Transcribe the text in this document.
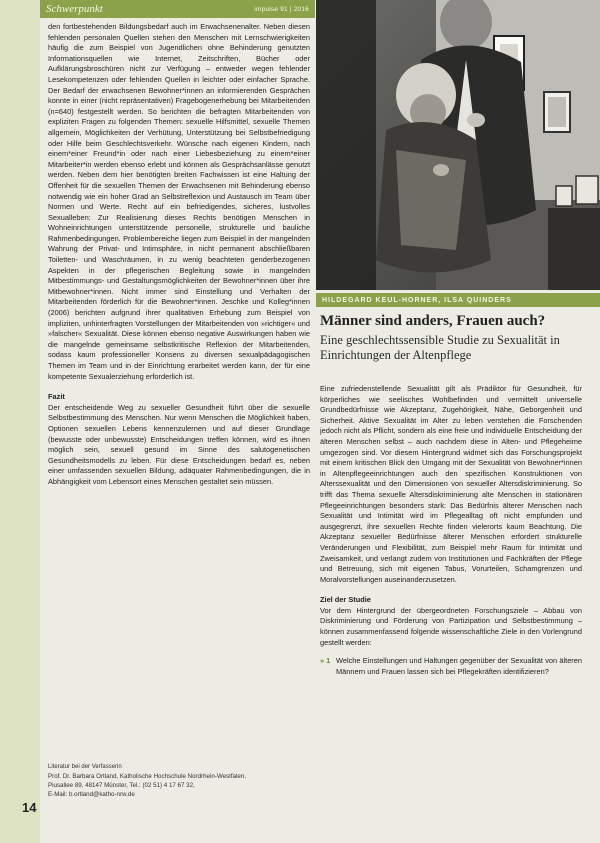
Schwerpunkt	impulse 91 | 2016

den fortbestehenden Bildungsbedarf auch im Erwachsenenalter. Neben diesen fehlenden personalen Quellen stehen den Menschen mit Lernschwierigkeiten häufig die zum Beispiel von Jugendlichen ohne Behinderung genutzten Informationsquellen wie Internet, Zeitschriften, Bücher oder Aufklärungsbroschüren nicht zur Verfügung – entweder wegen fehlender Lesekompetenzen oder fehlenden Quellen in leichter oder einfacher Sprache. Der Bedarf der erwachsenen Bewohner*innen an informierenden Gesprächen konnte in einer (nicht repräsentativen) Fragebogenerhebung bei Mitarbeitenden (n=640) festgestellt werden. So berichten die befragten Mitarbeitenden von expliziten Fragen zu folgenden Themen: sexuelle Hilfsmittel, sexuelle Themen allgemein, Möglichkeiten der Verhütung, Unterstützung bei Selbstbefriedigung oder Hilfe beim Geschlechtsverkehr. Wünsche nach eigenen Kindern, nach einem*einer Freund*in oder nach einer Liebesbeziehung zu einem*einer Mitarbeiter*in werden ebenso erlebt und können als Gesprächsanlässe genutzt werden. Neben dem hier benötigten breiten Fachwissen ist eine Haltung der Offenheit für die sexuellen Themen der Erwachsenen mit Behinderung ebenso notwendig wie ein hoher Grad an Selbstreflexion und Austausch im Team über Normen und Werte. Recht auf ein befriedigendes, sicheres, lustvolles Sexualleben: Zur Realisierung dieses Rechts benötigen Menschen in Wohneinrichtungen unterstützende personelle, strukturelle und bauliche Rahmenbedingungen. Problembereiche liegen zum Beispiel in der mangelnden Wahrung der Privat- und Intimsphäre, in nicht permanent abschließbaren Toiletten- und Waschräumen, in zu wenig beachteten genderbezogenen Aspekten in der pflegerischen Begleitung sowie in mangelnden Mitbestimmungs- und Gestaltungsmöglichkeiten der Bewohner*innen über ihre Mitbewohner*innen. Nicht immer sind Einstellung und Verhalten der Mitarbeitenden förderlich für die Bewohner*innen. Jeschke und Kolleg*innen (2006) berichten aufgrund ihrer qualitativen Erhebung zum Beispiel von impliziten, unhinterfragten Vorstellungen der Mitarbeitenden von »richtiger« und »falscher« Sexualität. Diese können ebenso negative Auswirkungen haben wie die mangelnde gemeinsame selbstkritische Reflexion der Mitarbeitenden, sodass kaum professioneller Konsens zu diversen sexualpädagogischen Themen im Team und in der Einrichtung erarbeitet werden kann, der für eine kompetente Sexualerziehung erforderlich ist.

Fazit

Der entscheidende Weg zu sexueller Gesundheit führt über die sexuelle Selbstbestimmung des Menschen. Nur wenn Menschen die Möglichkeit haben, Optionen sexuellen Lebens kennenzulernen und auf dieser Grundlage (bewusste oder unbewusste) Entscheidungen treffen können, wird es ihnen möglich sein, sexuell gesund im Sinne des salutogenetischen Gesundheitsmodells zu leben. Für diese Entscheidungen bedarf es, neben einer umfassenden sexuellen Bildung, adäquater Rahmenbedingungen, die in Abhängigkeit vom Lebensort eines Menschen gestaltet sein müssen.

Literatur bei der Verfasserin
Prof. Dr. Barbara Ortland, Katholische Hochschule Nordrhein-Westfalen,
Piusallee 89, 48147 Münster, Tel.: (02 51) 4 17 67 32,
E-Mail: b.ortland@katho-nrw.de
14
HILDEGARD KEUL-HORNER, ILSA QUINDERS
Männer sind anders, Frauen auch?
Eine geschlechtssensible Studie zu Sexualität in Einrichtungen der Altenpflege

Eine zufriedenstellende Sexualität gilt als Prädiktor für Gesundheit, für körperliches wie seelisches Wohlbefinden und vermittelt universelle Grundbedürfnisse wie Akzeptanz, Zugehörigkeit, Nähe, Geborgenheit und Sicherheit. Aktive Sexualität im Alter zu leben verstehen die Forschenden jedoch nicht als Pflicht, sondern als eine freie und individuelle Entscheidung der älteren Menschen selbst – auch nachdem diese in Alten- und Pflegeheime umgezogen sind. Vor diesem Hintergrund widmet sich das Forschungsprojekt mit einem kritischen Blick den Umgang mit der Sexualität von Bewohner*innen in Altenpflegeeinrichtungen auch den spezifischen Konstruktionen von Alterssexualität und den Dimensionen von sexueller Altersdiskriminierung. So trifft das Thema sexuelle Altersdiskriminierung alte Menschen in stationären Pflegeeinrichtungen besonders stark: Das Bedürfnis älterer Menschen nach Sexualität und Intimität wird im Pflegealltag oft nicht empfunden und ausgegrenzt, ihre sexuellen Rechte finden vielerorts kaum Beachtung. Die Akzeptanz sexueller Bedürfnisse älterer Menschen erfordert strukturelle Veränderungen und Flexibilität, zum Beispiel mehr Raum für Intimität und Zweisamkeit, und verlangt zudem von Institutionen und Fachkräften der Pflege und Betreuung, sich mit eigenen Tabus, Vorurteilen, Schamgrenzen und Moralvorstellungen auseinanderzusetzen.

Ziel der Studie

Vor dem Hintergrund der übergeordneten Forschungsziele – Abbau von Diskriminierung und Förderung von Partizipation und Selbstbestimmung – können zusammenfassend folgende wissenschaftliche Ziele in den Vorlengrund gestellt werden:

» 1 Welche Einstellungen und Haltungen gegenüber der Sexualität von älteren Männern und Frauen lassen sich bei Pflegekräften identifizieren?
